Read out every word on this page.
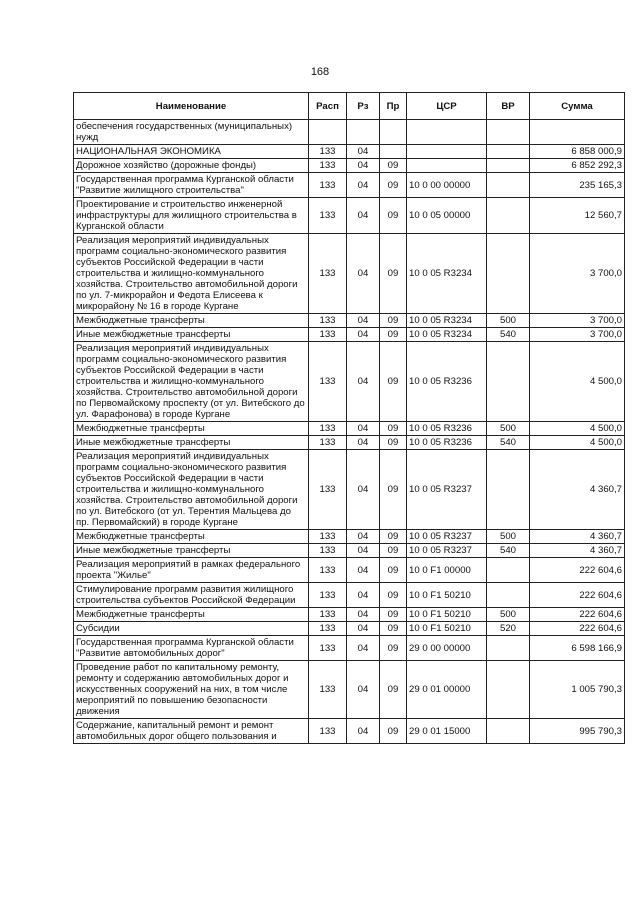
168
Наименование	Расп	Рз	Пр	ЦСР	ВР	Сумма
обеспечения государственных (муниципальных) нужд						
НАЦИОНАЛЬНАЯ ЭКОНОМИКА	133	04				6 858 000,9
Дорожное хозяйство (дорожные фонды)	133	04	09			6 852 292,3
Государственная программа Курганской области "Развитие жилищного строительства"	133	04	09	10 0 00 00000		235 165,3
Проектирование и строительство инженерной инфраструктуры для жилищного строительства в Курганской области	133	04	09	10 0 05 00000		12 560,7
Реализация мероприятий индивидуальных программ социально-экономического развития субъектов Российской Федерации в части строительства и жилищно-коммунального хозяйства. Строительство автомобильной дороги по ул. 7-микрорайон и Федота Елисеева к микрорайону № 16 в городе Кургане	133	04	09	10 0 05 R3234		3 700,0
Межбюджетные трансферты	133	04	09	10 0 05 R3234	500	3 700,0
Иные межбюджетные трансферты	133	04	09	10 0 05 R3234	540	3 700,0
Реализация мероприятий индивидуальных программ социально-экономического развития субъектов Российской Федерации в части строительства и жилищно-коммунального хозяйства. Строительство автомобильной дороги по Первомайскому проспекту (от ул. Витебского до ул. Фарафонова) в городе Кургане	133	04	09	10 0 05 R3236		4 500,0
Межбюджетные трансферты	133	04	09	10 0 05 R3236	500	4 500,0
Иные межбюджетные трансферты	133	04	09	10 0 05 R3236	540	4 500,0
Реализация мероприятий индивидуальных программ социально-экономического развития субъектов Российской Федерации в части строительства и жилищно-коммунального хозяйства. Строительство автомобильной дороги по ул. Витебского (от ул. Терентия Мальцева до пр. Первомайский) в городе Кургане	133	04	09	10 0 05 R3237		4 360,7
Межбюджетные трансферты	133	04	09	10 0 05 R3237	500	4 360,7
Иные межбюджетные трансферты	133	04	09	10 0 05 R3237	540	4 360,7
Реализация мероприятий в рамках федерального проекта "Жилье"	133	04	09	10 0 F1 00000		222 604,6
Стимулирование программ развития жилищного строительства субъектов Российской Федерации	133	04	09	10 0 F1 50210		222 604,6
Межбюджетные трансферты	133	04	09	10 0 F1 50210	500	222 604,6
Субсидии	133	04	09	10 0 F1 50210	520	222 604,6
Государственная программа Курганской области "Развитие автомобильных дорог"	133	04	09	29 0 00 00000		6 598 166,9
Проведение работ по капитальному ремонту, ремонту и содержанию автомобильных дорог и искусственных сооружений на них, в том числе мероприятий по повышению безопасности движения	133	04	09	29 0 01 00000		1 005 790,3
Содержание, капитальный ремонт и ремонт автомобильных дорог общего пользования и	133	04	09	29 0 01 15000		995 790,3
